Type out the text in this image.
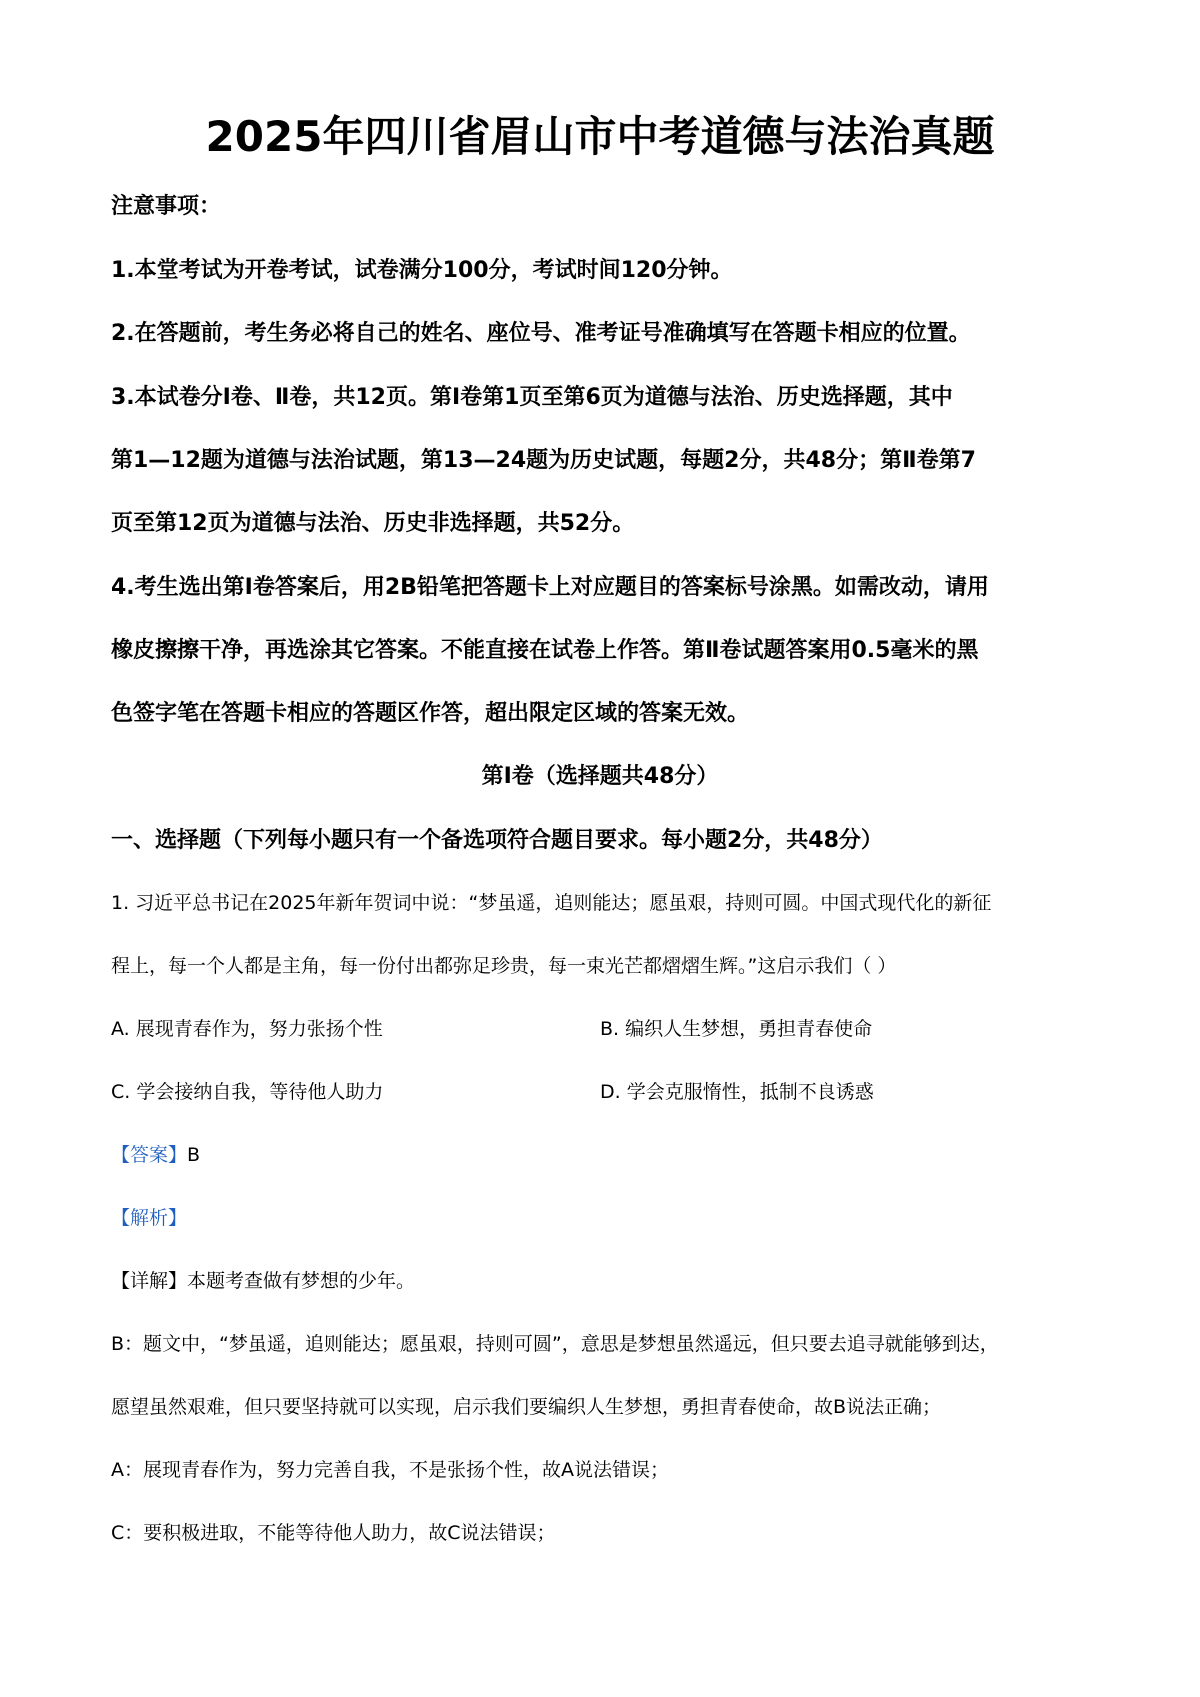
2025年四川省眉山市中考道德与法治真题
注意事项：
1.本堂考试为开卷考试，试卷满分100分，考试时间120分钟。
2.在答题前，考生务必将自己的姓名、座位号、准考证号准确填写在答题卡相应的位置。
3.本试卷分Ⅰ卷、Ⅱ卷，共12页。第Ⅰ卷第1页至第6页为道德与法治、历史选择题，其中
第1—12题为道德与法治试题，第13—24题为历史试题，每题2分，共48分；第Ⅱ卷第7
页至第12页为道德与法治、历史非选择题，共52分。
4.考生选出第Ⅰ卷答案后，用2B铅笔把答题卡上对应题目的答案标号涂黑。如需改动，请用
橡皮擦擦干净，再选涂其它答案。不能直接在试卷上作答。第Ⅱ卷试题答案用0.5毫米的黑
色签字笔在答题卡相应的答题区作答，超出限定区域的答案无效。
第Ⅰ卷（选择题共48分）
一、选择题（下列每小题只有一个备选项符合题目要求。每小题2分，共48分）
1. 习近平总书记在2025年新年贺词中说：“梦虽遥，追则能达；愿虽艰，持则可圆。中国式现代化的新征
程上，每一个人都是主角，每一份付出都弥足珍贵，每一束光芒都熠熠生辉。”这启示我们（ ）
A. 展现青春作为，努力张扬个性	B. 编织人生梦想，勇担青春使命
C. 学会接纳自我，等待他人助力	D. 学会克服惰性，抵制不良诱惑
【答案】B
【解析】
【详解】本题考查做有梦想的少年。
B：题文中，“梦虽遥，追则能达；愿虽艰，持则可圆”，意思是梦想虽然遥远，但只要去追寻就能够到达，
愿望虽然艰难，但只要坚持就可以实现，启示我们要编织人生梦想，勇担青春使命，故B说法正确；
A：展现青春作为，努力完善自我，不是张扬个性，故A说法错误；
C：要积极进取，不能等待他人助力，故C说法错误；
